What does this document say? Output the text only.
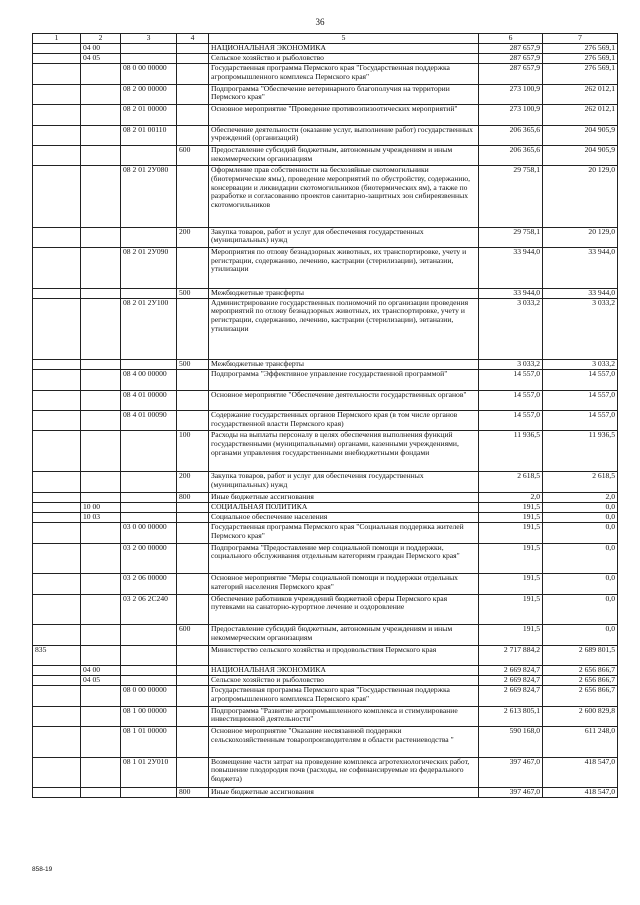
36
1	2	3	4	5	6	7
	04 00			НАЦИОНАЛЬНАЯ ЭКОНОМИКА	287 657,9	276 569,1
	04 05			Сельское хозяйство и рыболовство	287 657,9	276 569,1
		08 0 00 00000		Государственная программа Пермского края "Государственная поддержка агропромышленного комплекса Пермского края"	287 657,9	276 569,1
		08 2 00 00000		Подпрограмма "Обеспечение ветеринарного благополучия на территории Пермского края"	273 100,9	262 012,1
		08 2 01 00000		Основное мероприятие "Проведение противоэпизоотических мероприятий"	273 100,9	262 012,1
		08 2 01 00110		Обеспечение деятельности (оказание услуг, выполнение работ) государственных учреждений (организаций)	206 365,6	204 905,9
			600	Предоставление субсидий бюджетным, автономным учреждениям и иным некоммерческим организациям	206 365,6	204 905,9
		08 2 01 2У080		Оформление прав собственности на бесхозяйные скотомогильники (биотермические ямы), проведение мероприятий по обустройству, содержанию, консервации и ликвидации скотомогильников (биотермических ям), а также по разработке и согласованию проектов санитарно-защитных зон сибиреязвенных скотомогильников	29 758,1	20 129,0
			200	Закупка товаров, работ и услуг для обеспечения государственных (муниципальных) нужд	29 758,1	20 129,0
		08 2 01 2У090		Мероприятия по отлову безнадзорных животных, их транспортировке, учету и регистрации, содержанию, лечению, кастрации (стерилизации), эвтаназии, утилизации	33 944,0	33 944,0
			500	Межбюджетные трансферты	33 944,0	33 944,0
		08 2 01 2У100		Администрирование государственных полномочий по организации проведения мероприятий по отлову безнадзорных животных, их транспортировке, учету и регистрации, содержанию, лечению, кастрации (стерилизации), эвтаназии, утилизации	3 033,2	3 033,2
			500	Межбюджетные трансферты	3 033,2	3 033,2
		08 4 00 00000		Подпрограмма "Эффективное управление государственной программой"	14 557,0	14 557,0
		08 4 01 00000		Основное мероприятие "Обеспечение деятельности государственных органов"	14 557,0	14 557,0
		08 4 01 00090		Содержание государственных органов Пермского края (в том числе органов государственной власти Пермского края)	14 557,0	14 557,0
			100	Расходы на выплаты персоналу в целях обеспечения выполнения функций государственными (муниципальными) органами, казенными учреждениями, органами управления государственными внебюджетными фондами	11 936,5	11 936,5
			200	Закупка товаров, работ и услуг для обеспечения государственных (муниципальных) нужд	2 618,5	2 618,5
			800	Иные бюджетные ассигнования	2,0	2,0
	10 00			СОЦИАЛЬНАЯ ПОЛИТИКА	191,5	0,0
	10 03			Социальное обеспечение населения	191,5	0,0
		03 0 00 00000		Государственная программа Пермского края "Социальная поддержка жителей Пермского края"	191,5	0,0
		03 2 00 00000		Подпрограмма "Предоставление мер социальной помощи и поддержки, социального обслуживания отдельным категориям граждан Пермского края"	191,5	0,0
		03 2 06 00000		Основное мероприятие "Меры социальной помощи и поддержки отдельных категорий населения Пермского края"	191,5	0,0
		03 2 06 2С240		Обеспечение работников учреждений бюджетной сферы Пермского края путевками на санаторно-курортное лечение и оздоровление	191,5	0,0
			600	Предоставление субсидий бюджетным, автономным учреждениям и иным некоммерческим организациям	191,5	0,0
835				Министерство сельского хозяйства и продовольствия Пермского края	2 717 884,2	2 689 801,5
	04 00			НАЦИОНАЛЬНАЯ ЭКОНОМИКА	2 669 824,7	2 656 866,7
	04 05			Сельское хозяйство и рыболовство	2 669 824,7	2 656 866,7
		08 0 00 00000		Государственная программа Пермского края "Государственная поддержка агропромышленного комплекса Пермского края"	2 669 824,7	2 656 866,7
		08 1 00 00000		Подпрограмма "Развитие агропромышленного комплекса и стимулирование инвестиционной деятельности"	2 613 805,1	2 600 829,8
		08 1 01 00000		Основное мероприятие "Оказание несвязанной поддержки сельскохозяйственным товаропроизводителям в области растениеводства "	590 168,0	611 248,0
		08 1 01 2У010		Возмещение части затрат на проведение комплекса агротехнологических работ, повышение плодородия почв (расходы, не софинансируемые из федерального бюджета)	397 467,0	418 547,0
			800	Иные бюджетные ассигнования	397 467,0	418 547,0
858-19
